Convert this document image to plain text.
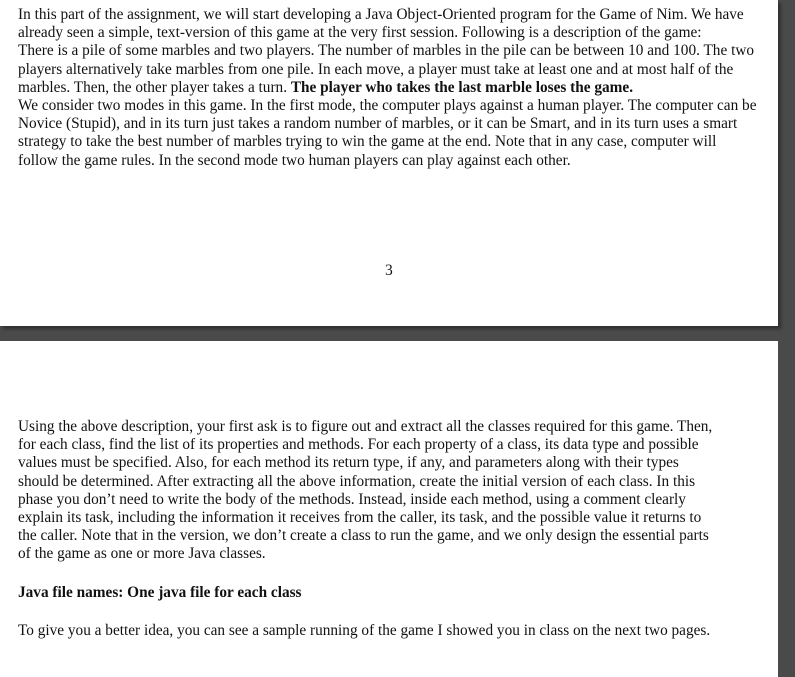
In this part of the assignment, we will start developing a Java Object-Oriented program for the Game of Nim. We have already seen a simple, text-version of this game at the very first session. Following is a description of the game:
There is a pile of some marbles and two players. The number of marbles in the pile can be between 10 and 100. The two players alternatively take marbles from one pile. In each move, a player must take at least one and at most half of the marbles. Then, the other player takes a turn. The player who takes the last marble loses the game.
We consider two modes in this game. In the first mode, the computer plays against a human player. The computer can be Novice (Stupid), and in its turn just takes a random number of marbles, or it can be Smart, and in its turn uses a smart strategy to take the best number of marbles trying to win the game at the end. Note that in any case, computer will follow the game rules. In the second mode two human players can play against each other.

3

Using the above description, your first ask is to figure out and extract all the classes required for this game. Then, for each class, find the list of its properties and methods. For each property of a class, its data type and possible values must be specified. Also, for each method its return type, if any, and parameters along with their types should be determined. After extracting all the above information, create the initial version of each class. In this phase you don’t need to write the body of the methods. Instead, inside each method, using a comment clearly explain its task, including the information it receives from the caller, its task, and the possible value it returns to the caller. Note that in the version, we don’t create a class to run the game, and we only design the essential parts of the game as one or more Java classes.

Java file names: One java file for each class

To give you a better idea, you can see a sample running of the game I showed you in class on the next two pages.
